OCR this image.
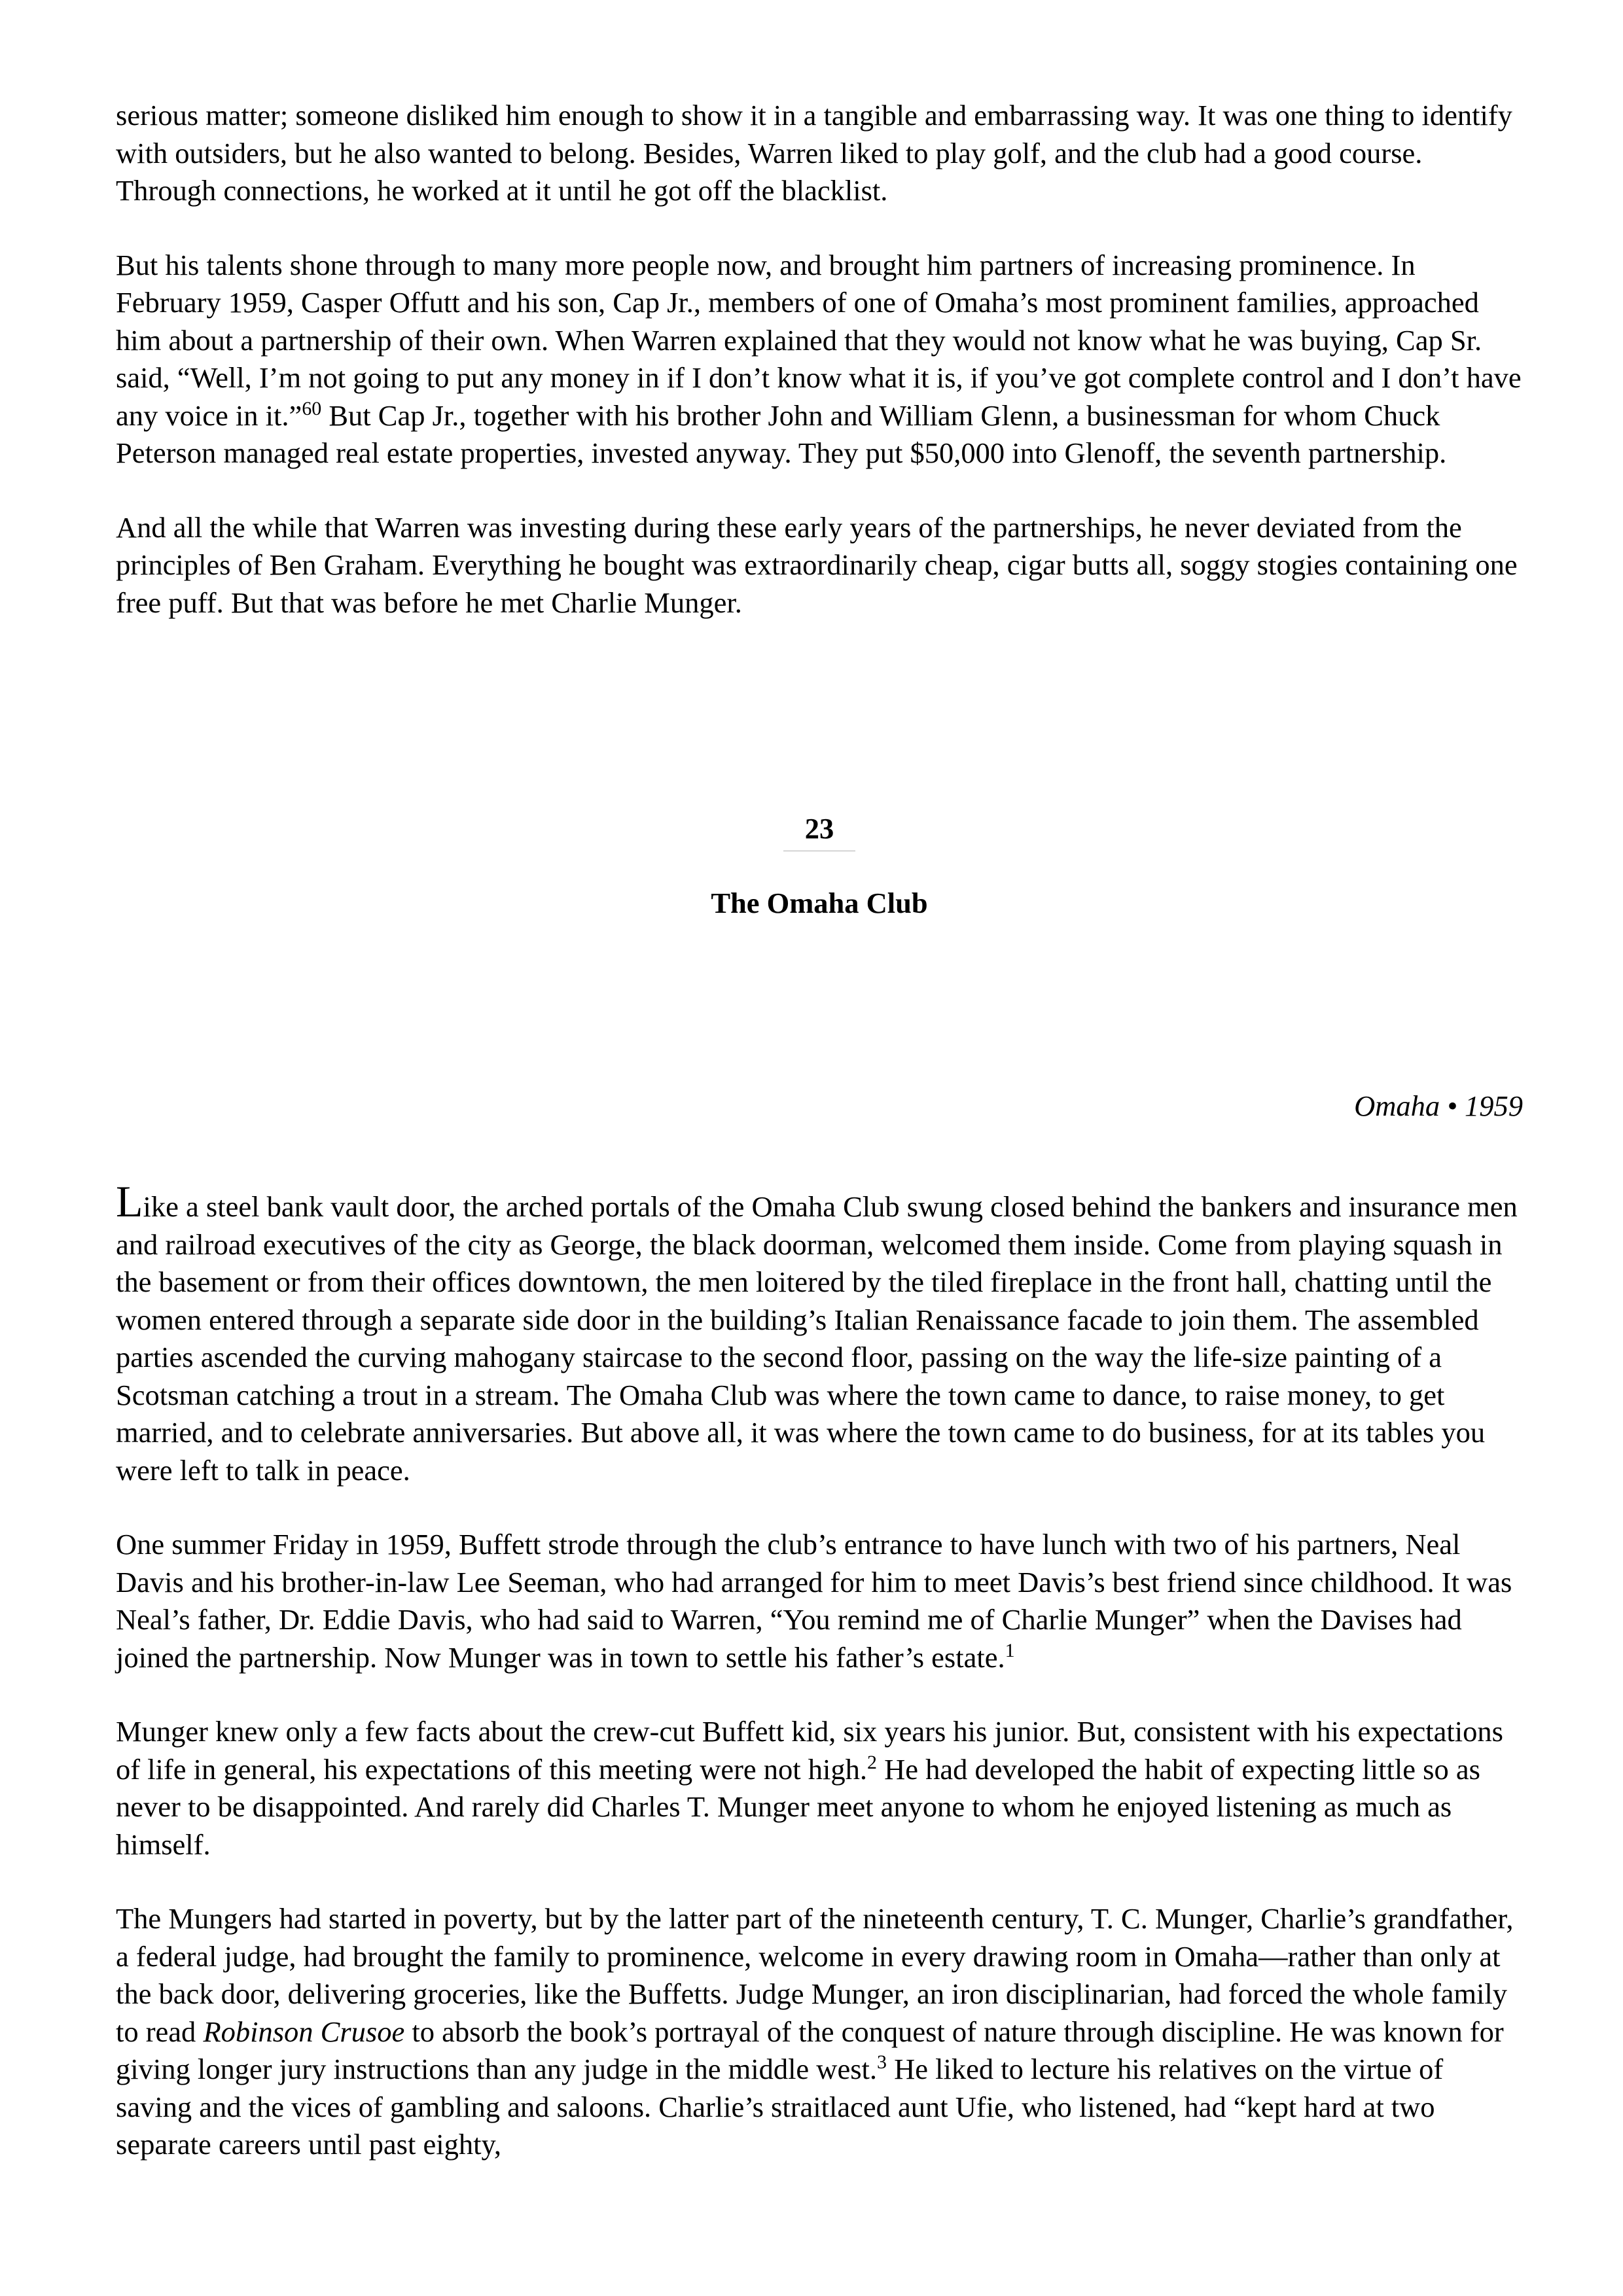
serious matter; someone disliked him enough to show it in a tangible and embarrassing way. It was one thing to identify with outsiders, but he also wanted to belong. Besides, Warren liked to play golf, and the club had a good course. Through connections, he worked at it until he got off the blacklist.

But his talents shone through to many more people now, and brought him partners of increasing prominence. In February 1959, Casper Offutt and his son, Cap Jr., members of one of Omaha’s most prominent families, approached him about a partnership of their own. When Warren explained that they would not know what he was buying, Cap Sr. said, “Well, I’m not going to put any money in if I don’t know what it is, if you’ve got complete control and I don’t have any voice in it.”$^{60}$ But Cap Jr., together with his brother John and William Glenn, a businessman for whom Chuck Peterson managed real estate properties, invested anyway. They put $50,000 into Glenoff, the seventh partnership.

And all the while that Warren was investing during these early years of the partnerships, he never deviated from the principles of Ben Graham. Everything he bought was extraordinarily cheap, cigar butts all, soggy stogies containing one free puff. But that was before he met Charlie Munger.

23
The Omaha Club
Omaha • 1959

Like a steel bank vault door, the arched portals of the Omaha Club swung closed behind the bankers and insurance men and railroad executives of the city as George, the black doorman, welcomed them inside. Come from playing squash in the basement or from their offices downtown, the men loitered by the tiled fireplace in the front hall, chatting until the women entered through a separate side door in the building’s Italian Renaissance facade to join them. The assembled parties ascended the curving mahogany staircase to the second floor, passing on the way the life-size painting of a Scotsman catching a trout in a stream. The Omaha Club was where the town came to dance, to raise money, to get married, and to celebrate anniversaries. But above all, it was where the town came to do business, for at its tables you were left to talk in peace.

One summer Friday in 1959, Buffett strode through the club’s entrance to have lunch with two of his partners, Neal Davis and his brother-in-law Lee Seeman, who had arranged for him to meet Davis’s best friend since childhood. It was Neal’s father, Dr. Eddie Davis, who had said to Warren, “You remind me of Charlie Munger” when the Davises had joined the partnership. Now Munger was in town to settle his father’s estate.$^1$

Munger knew only a few facts about the crew-cut Buffett kid, six years his junior. But, consistent with his expectations of life in general, his expectations of this meeting were not high.$^2$ He had developed the habit of expecting little so as never to be disappointed. And rarely did Charles T. Munger meet anyone to whom he enjoyed listening as much as himself.

The Mungers had started in poverty, but by the latter part of the nineteenth century, T. C. Munger, Charlie’s grandfather, a federal judge, had brought the family to prominence, welcome in every drawing room in Omaha—rather than only at the back door, delivering groceries, like the Buffetts. Judge Munger, an iron disciplinarian, had forced the whole family to read Robinson Crusoe to absorb the book’s portrayal of the conquest of nature through discipline. He was known for giving longer jury instructions than any judge in the middle west.$^3$ He liked to lecture his relatives on the virtue of saving and the vices of gambling and saloons. Charlie’s straitlaced aunt Ufie, who listened, had “kept hard at two separate careers until past eighty,
